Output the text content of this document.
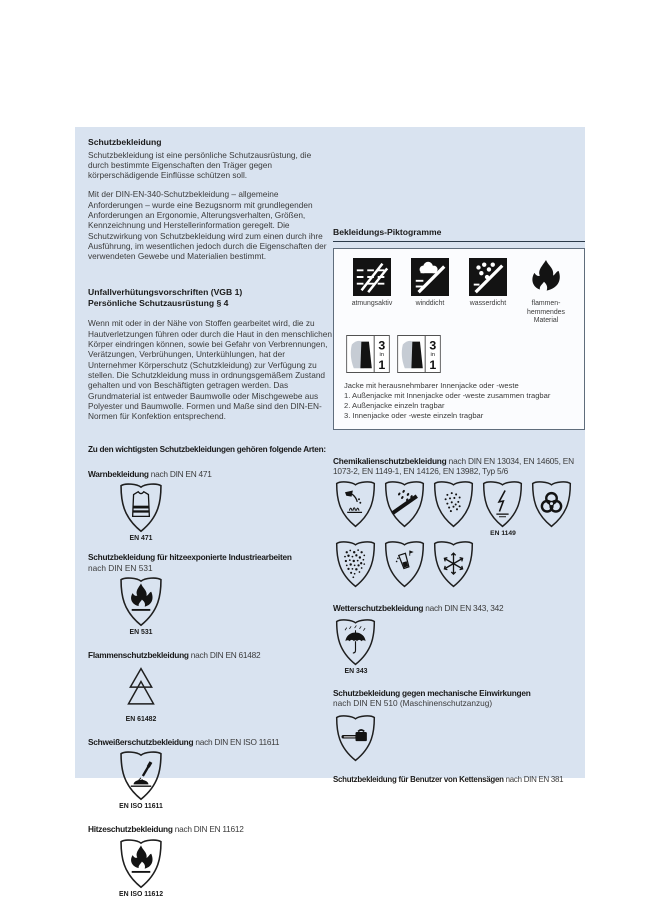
Schutzbekleidung

Schutzbekleidung ist eine persönliche Schutzausrüstung, die durch bestimmte Eigenschaften den Träger gegen körperschädigende Einflüsse schützen soll.

Mit der DIN-EN-340-Schutzbekleidung – allgemeine Anforderungen – wurde eine Bezugsnorm mit grundlegenden Anforderungen an Ergonomie, Alterungsverhalten, Größen, Kennzeichnung und Herstellerinformation geregelt. Die Schutzwirkung von Schutzbekleidung wird zum einen durch ihre Ausführung, im wesentlichen jedoch durch die Eigenschaften der verwendeten Gewebe und Materialien bestimmt.

Unfallverhütungsvorschriften (VGB 1)
Persönliche Schutzausrüstung § 4

Wenn mit oder in der Nähe von Stoffen gearbeitet wird, die zu Hautverletzungen führen oder durch die Haut in den menschlichen Körper eindringen können, sowie bei Gefahr von Verbrennungen, Verätzungen, Verbrühungen, Unterkühlungen, hat der Unternehmer Körperschutz (Schutzkleidung) zur Verfügung zu stellen. Die Schutzkleidung muss in ordnungsgemäßem Zustand gehalten und von Beschäftigten getragen werden. Das Grundmaterial ist entweder Baumwolle oder Mischgewebe aus Polyester und Baumwolle. Formen und Maße sind den DIN-EN-Normen für Konfektion entsprechend.

Zu den wichtigsten Schutzbekleidungen gehören folgende Arten:

Warnbekleidung nach DIN EN 471

EN 471

Schutzbekleidung für hitzeexponierte Industriearbeiten

nach DIN EN 531

EN 531

Flammenschutzbekleidung nach DIN EN 61482

EN 61482

Schweißerschutzbekleidung nach DIN EN ISO 11611

EN ISO 11611

Hitzeschutzbekleidung nach DIN EN 11612

EN ISO 11612
Bekleidungs-Piktogramme
atmungsaktiv	winddicht	wasserdicht	flammen-hemmendes Material
3
in
1
3
in
1
Jacke mit herausnehmbarer Innenjacke oder -weste
1. Außenjacke mit Innenjacke oder -weste zusammen tragbar
2. Außenjacke einzeln tragbar
3. Innenjacke oder -weste einzeln tragbar

Chemikalienschutzbekleidung nach DIN EN 13034, EN 14605, EN 1073-2, EN 1149-1, EN 14126, EN 13982, Typ 5/6

EN 1149

Wetterschutzbekleidung nach DIN EN 343, 342

EN 343

Schutzbekleidung gegen mechanische Einwirkungen

nach DIN EN 510 (Maschinenschutzanzug)

Schutzbekleidung für Benutzer von Kettensägen nach DIN EN 381
